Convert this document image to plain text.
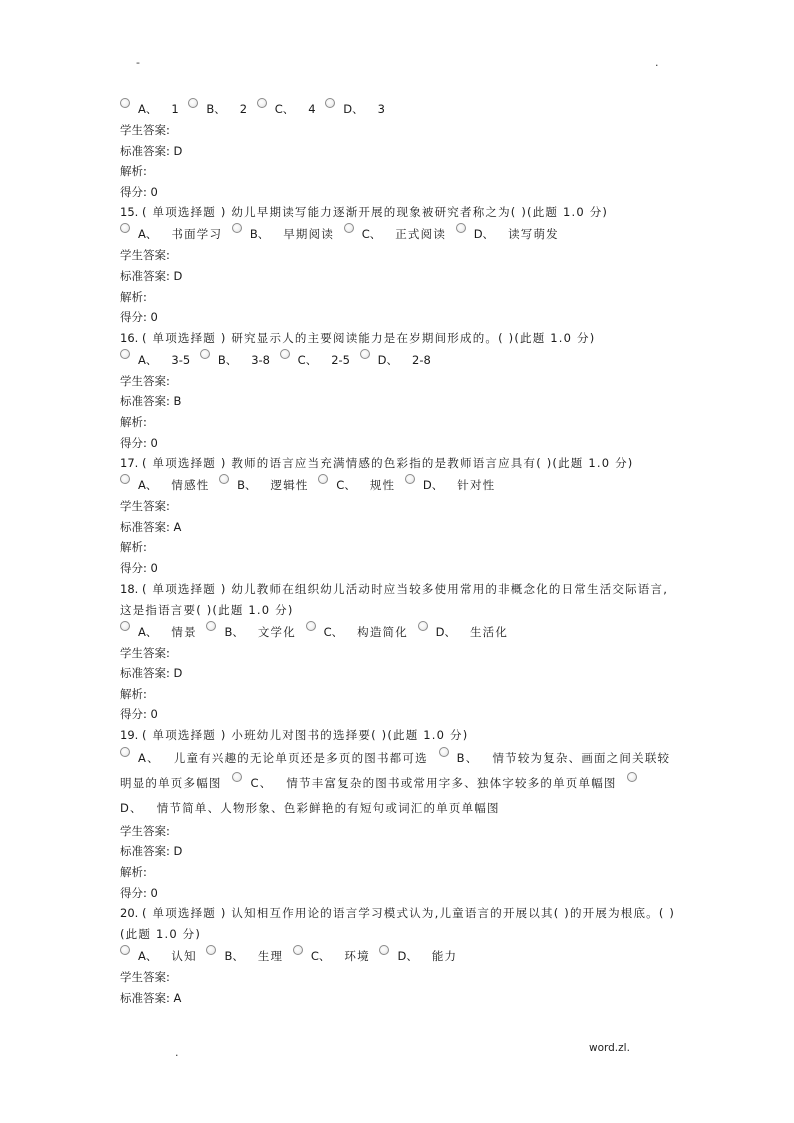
-	.
A、 1 B、 2 C、 4 D、 3
学生答案:
标准答案: D
解析:
得分: 0
15. ( 单项选择题 ) 幼儿早期读写能力逐渐开展的现象被研究者称之为( )(此题 1.0 分)
A、 书面学习 B、 早期阅读 C、 正式阅读 D、 读写萌发
学生答案:
标准答案: D
解析:
得分: 0
16. ( 单项选择题 ) 研究显示人的主要阅读能力是在岁期间形成的。( )(此题 1.0 分)
A、 3-5 B、 3-8 C、 2-5 D、 2-8
学生答案:
标准答案: B
解析:
得分: 0
17. ( 单项选择题 ) 教师的语言应当充满情感的色彩指的是教师语言应具有( )(此题 1.0 分)
A、 情感性 B、 逻辑性 C、 规性 D、 针对性
学生答案:
标准答案: A
解析:
得分: 0
18. ( 单项选择题 ) 幼儿教师在组织幼儿活动时应当较多使用常用的非概念化的日常生活交际语言,这是指语言要( )(此题 1.0 分)
A、 情景 B、 文学化 C、 构造简化 D、 生活化
学生答案:
标准答案: D
解析:
得分: 0
19. ( 单项选择题 ) 小班幼儿对图书的选择要( )(此题 1.0 分)
A、 儿童有兴趣的无论单页还是多页的图书都可选	B、 情节较为复杂、画面之间关联较明显的单页多幅图	C、 情节丰富复杂的图书或常用字多、独体字较多的单页单幅图 D、 情节简单、人物形象、色彩鲜艳的有短句或词汇的单页单幅图
学生答案:
标准答案: D
解析:
得分: 0
20. ( 单项选择题 ) 认知相互作用论的语言学习模式认为,儿童语言的开展以其( )的开展为根底。( )(此题 1.0 分)
A、 认知 B、 生理 C、 环境 D、 能力
学生答案:
标准答案: A
.	word.zl.
